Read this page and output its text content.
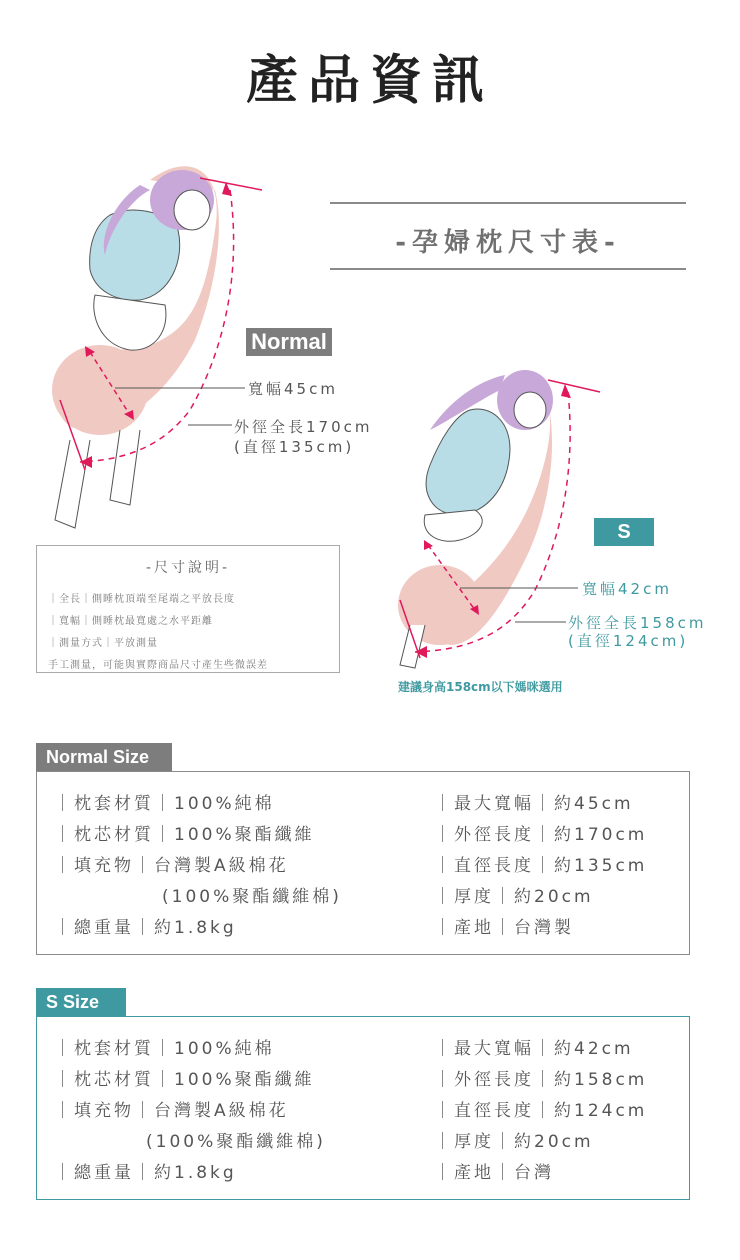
產品資訊
-孕婦枕尺寸表-
Normal
寬幅45cm
外徑全長170cm
(直徑135cm)
S
寬幅42cm
外徑全長158cm
(直徑124cm)
建議身高158cm以下媽咪選用
-尺寸說明-
｜全長｜側睡枕頂端至尾端之平放長度
｜寬幅｜側睡枕最寬處之水平距離
｜測量方式｜平放測量
手工測量，可能與實際商品尺寸產生些微誤差
Normal Size
｜枕套材質｜100%純棉
｜枕芯材質｜100%聚酯纖維
｜填充物｜台灣製A級棉花
(100%聚酯纖維棉)
｜總重量｜約1.8kg
｜最大寬幅｜約45cm
｜外徑長度｜約170cm
｜直徑長度｜約135cm
｜厚度｜約20cm
｜產地｜台灣製
S Size
｜枕套材質｜100%純棉
｜枕芯材質｜100%聚酯纖維
｜填充物｜台灣製A級棉花
(100%聚酯纖維棉)
｜總重量｜約1.8kg
｜最大寬幅｜約42cm
｜外徑長度｜約158cm
｜直徑長度｜約124cm
｜厚度｜約20cm
｜產地｜台灣
